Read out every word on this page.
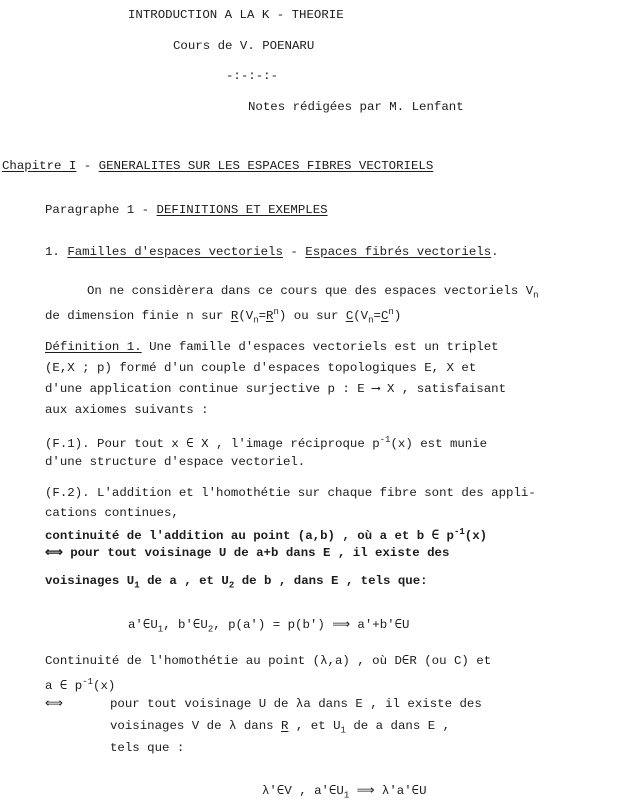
INTRODUCTION A LA K - THEORIE
Cours de V. POENARU
-:-:-:-
Notes rédigées par M. Lenfant
Chapitre I - GENERALITES SUR LES ESPACES FIBRES VECTORIELS
Paragraphe 1 - DEFINITIONS ET EXEMPLES
1. Familles d'espaces vectoriels - Espaces fibrés vectoriels.
On ne considèrera dans ce cours que des espaces vectoriels $V_n$
de dimension finie n sur $R(V_n=R^n)$ ou sur $C(V_n=C^n)$
Définition 1. Une famille d'espaces vectoriels est un triplet
(E,X ; p) formé d'un couple d'espaces topologiques E, X et
d'une application continue surjective p : E ⟶ X , satisfaisant
aux axiomes suivants :
(F.1). Pour tout x ∈ X , l'image réciproque $p^{-1}(x)$ est munie
d'une structure d'espace vectoriel.
(F.2). L'addition et l'homothétie sur chaque fibre sont des appli-
cations continues,
continuité de l'addition au point (a,b) , où a et b ∈ $p^{-1}(x)$
⟺ pour tout voisinage U de a+b dans E , il existe des
voisinages $U_1$ de a , et $U_2$ de b , dans E , tels que:
$a'\in U_1$, $b'\in U_2$, p(a') = p(b') ⟹ a'+b'∈U
Continuité de l'homothétie au point (λ,a) , où D∈R (ou C) et
a ∈ $p^{-1}(x)$
⟺	pour tout voisinage U de λa dans E , il existe des
voisinages V de λ dans R , et $U_1$ de a dans E ,
tels que :
λ'∈V , $a'\in U_1$ ⟹ λ'a'∈U
